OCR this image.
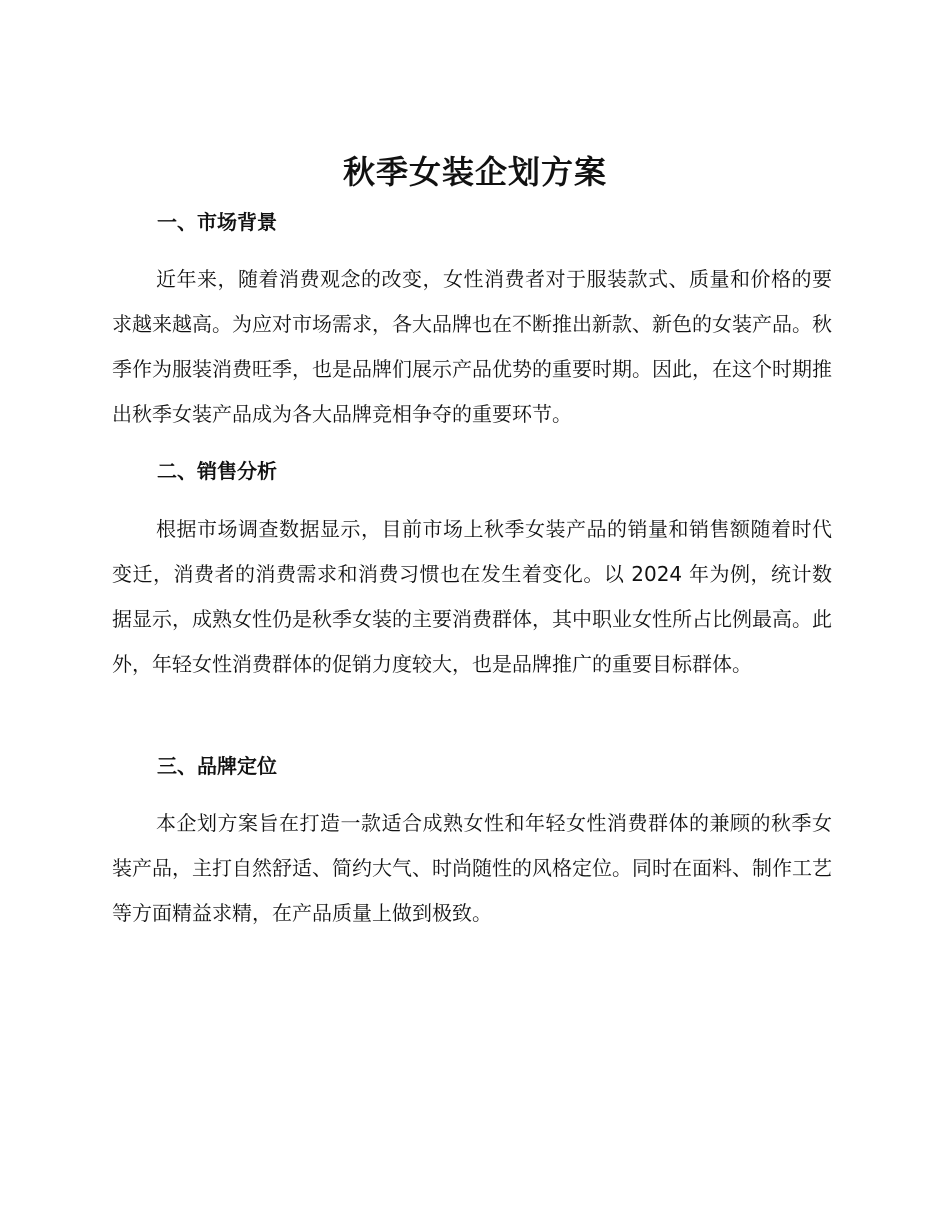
秋季女装企划方案
一、市场背景

近年来，随着消费观念的改变，女性消费者对于服装款式、质量和价格的要求越来越高。为应对市场需求，各大品牌也在不断推出新款、新色的女装产品。秋季作为服装消费旺季，也是品牌们展示产品优势的重要时期。因此，在这个时期推出秋季女装产品成为各大品牌竞相争夺的重要环节。

二、销售分析

根据市场调查数据显示，目前市场上秋季女装产品的销量和销售额随着时代变迁，消费者的消费需求和消费习惯也在发生着变化。以 2024 年为例，统计数据显示，成熟女性仍是秋季女装的主要消费群体，其中职业女性所占比例最高。此外，年轻女性消费群体的促销力度较大，也是品牌推广的重要目标群体。

三、品牌定位

本企划方案旨在打造一款适合成熟女性和年轻女性消费群体的兼顾的秋季女装产品，主打自然舒适、简约大气、时尚随性的风格定位。同时在面料、制作工艺等方面精益求精，在产品质量上做到极致。
